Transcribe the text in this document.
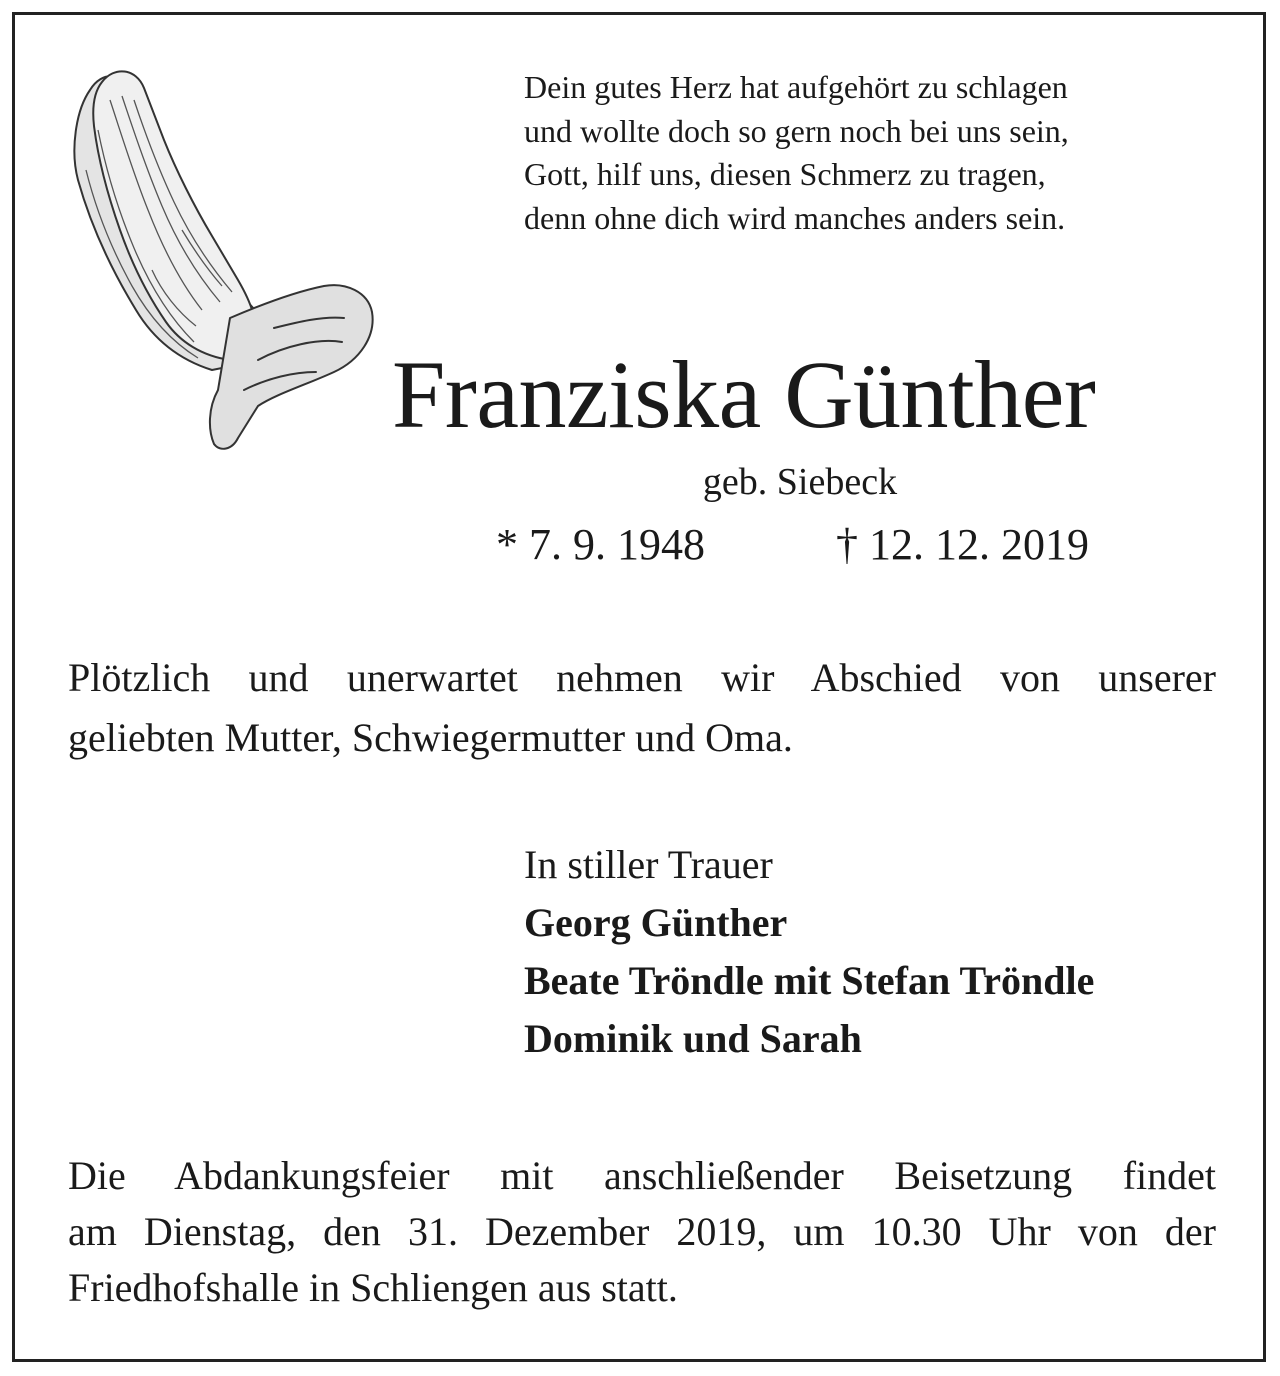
Dein gutes Herz hat aufgehört zu schlagen
und wollte doch so gern noch bei uns sein,
Gott, hilf uns, diesen Schmerz zu tragen,
denn ohne dich wird manches anders sein.
Franziska Günther
geb. Siebeck
* 7. 9. 1948	† 12. 12. 2019
Plötzlich und unerwartet nehmen wir Abschied von unserer
geliebten Mutter, Schwiegermutter und Oma.
In stiller Trauer
Georg Günther
Beate Tröndle mit Stefan Tröndle
Dominik und Sarah
Die Abdankungsfeier mit anschließender Beisetzung findet
am Dienstag, den 31. Dezember 2019, um 10.30 Uhr von der
Friedhofshalle in Schliengen aus statt.
